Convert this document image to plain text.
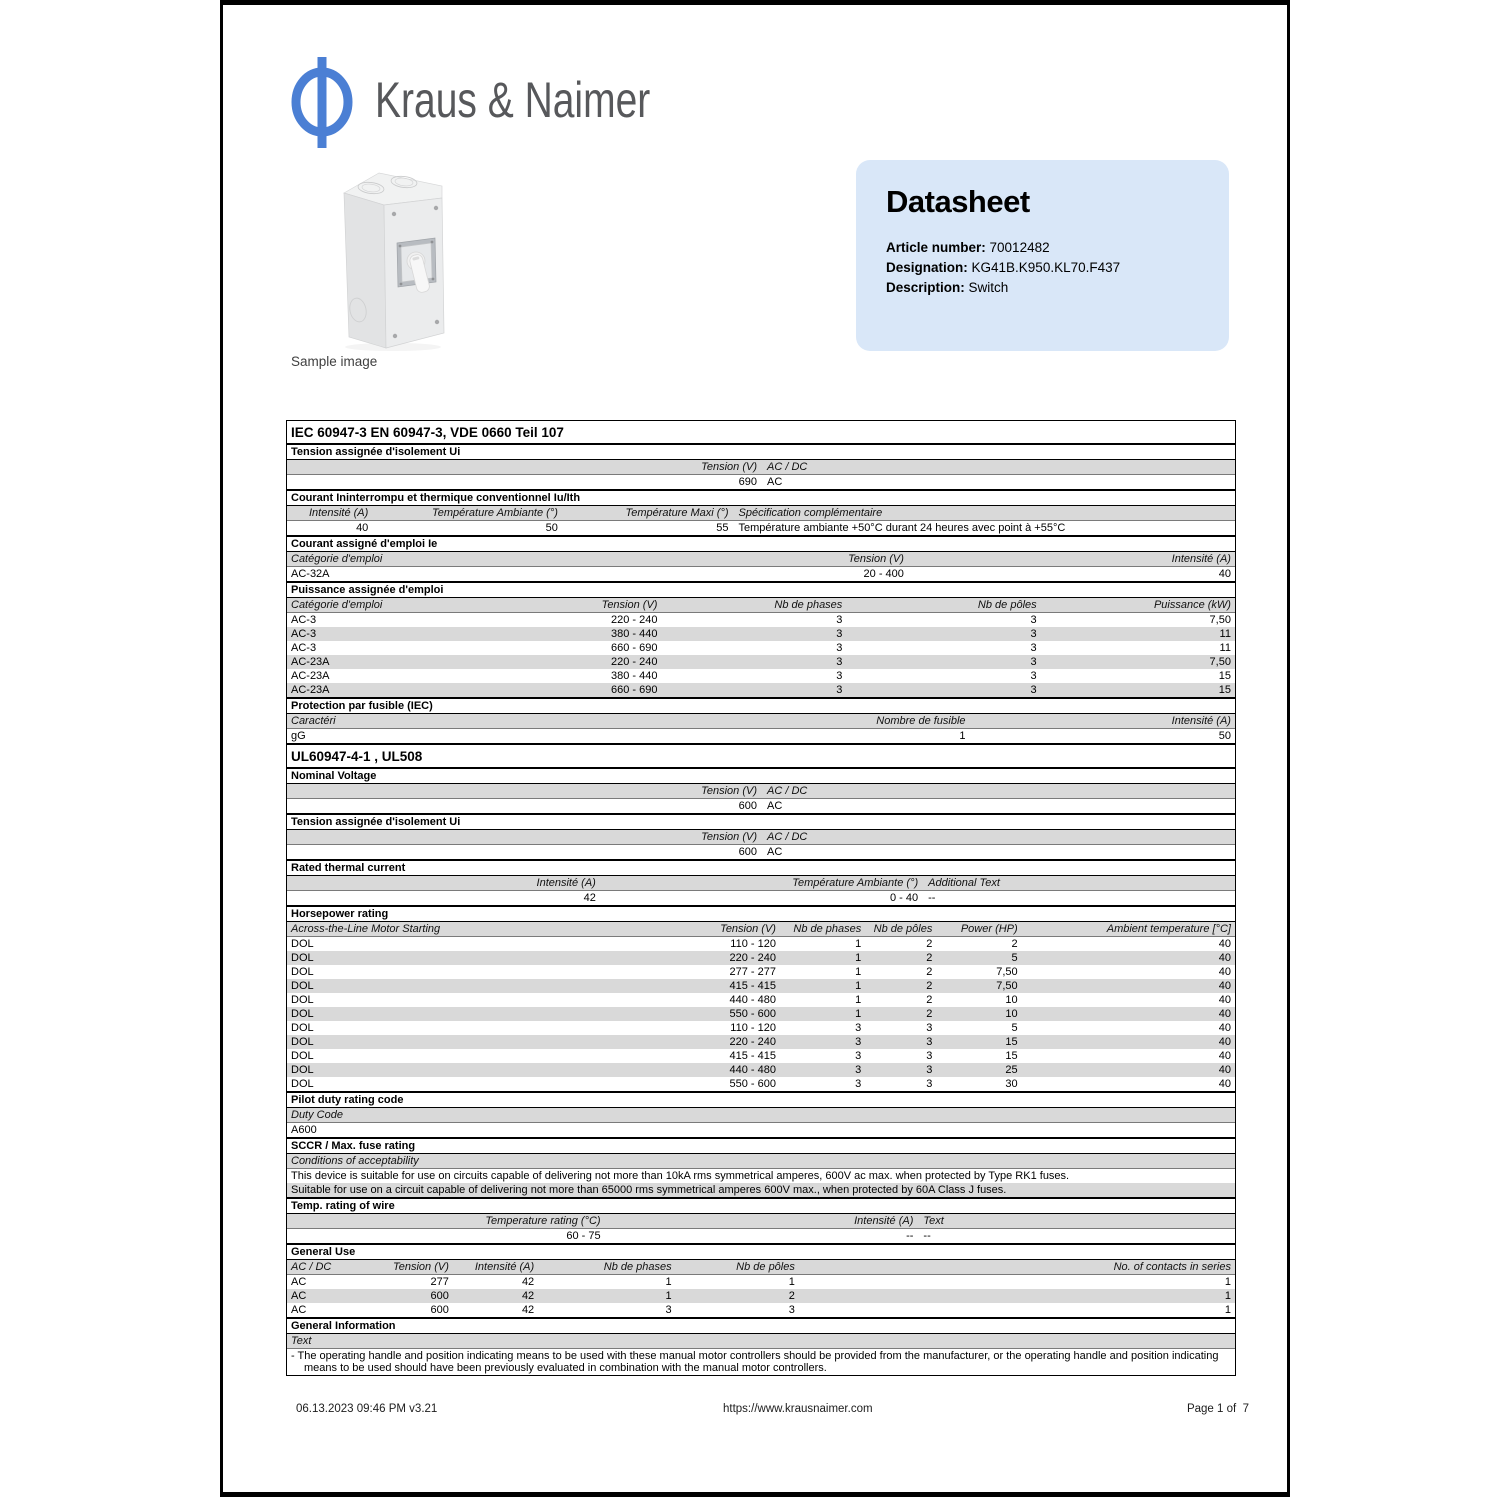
Kraus & Naimer
Sample image
Datasheet
Article number: 70012482
Designation: KG41B.K950.KL70.F437
Description: Switch
IEC 60947-3 EN 60947-3, VDE 0660 Teil 107
Tension assignée d'isolement Ui
Tension (V) AC / DC
690 AC
Courant Ininterrompu et thermique conventionnel Iu/Ith
Intensité (A)	Température Ambiante (°)	Température Maxi (°) Spécification complémentaire
40	50	55 Température ambiante +50°C durant 24 heures avec point à +55°C
Courant assigné d'emploi Ie
Catégorie d'emploi	Tension (V)	Intensité (A)
AC-32A	20 - 400	40
Puissance assignée d'emploi
Catégorie d'emploi	Tension (V)	Nb de phases	Nb de pôles	Puissance (kW)
AC-3	220 - 240	3	3	7,50
AC-3	380 - 440	3	3	11
AC-3	660 - 690	3	3	11
AC-23A	220 - 240	3	3	7,50
AC-23A	380 - 440	3	3	15
AC-23A	660 - 690	3	3	15
Protection par fusible (IEC)
Caractéri	Nombre de fusible	Intensité (A)
gG	1	50
UL60947-4-1 , UL508
Nominal Voltage
Tension (V) AC / DC
600 AC
Tension assignée d'isolement Ui
Tension (V) AC / DC
600 AC
Rated thermal current
Intensité (A)	Température Ambiante (°) Additional Text
42	0 - 40 --
Horsepower rating
Across-the-Line Motor Starting	Tension (V)	Nb de phases	Nb de pôles	Power (HP)	Ambient temperature [°C]
DOL	110 - 120	1	2	2	40
DOL	220 - 240	1	2	5	40
DOL	277 - 277	1	2	7,50	40
DOL	415 - 415	1	2	7,50	40
DOL	440 - 480	1	2	10	40
DOL	550 - 600	1	2	10	40
DOL	110 - 120	3	3	5	40
DOL	220 - 240	3	3	15	40
DOL	415 - 415	3	3	15	40
DOL	440 - 480	3	3	25	40
DOL	550 - 600	3	3	30	40
Pilot duty rating code
Duty Code
A600
SCCR / Max. fuse rating
Conditions of acceptability
This device is suitable for use on circuits capable of delivering not more than 10kA rms symmetrical amperes, 600V ac max. when protected by Type RK1 fuses.
Suitable for use on a circuit capable of delivering not more than 65000 rms symmetrical amperes 600V max., when protected by 60A Class J fuses.
Temp. rating of wire
Temperature rating (°C)	Intensité (A) Text
60 - 75	-- --
General Use
AC / DC	Tension (V)	Intensité (A)	Nb de phases	Nb de pôles	No. of contacts in series
AC	277	42	1	1	1
AC	600	42	1	2	1
AC	600	42	3	3	1
General Information
Text
- The operating handle and position indicating means to be used with these manual motor controllers should be provided from the manufacturer, or the operating handle and position indicating means to be used should have been previously evaluated in combination with the manual motor controllers.
06.13.2023 09:46 PM v3.21	https://www.krausnaimer.com	Page 1 of  7
